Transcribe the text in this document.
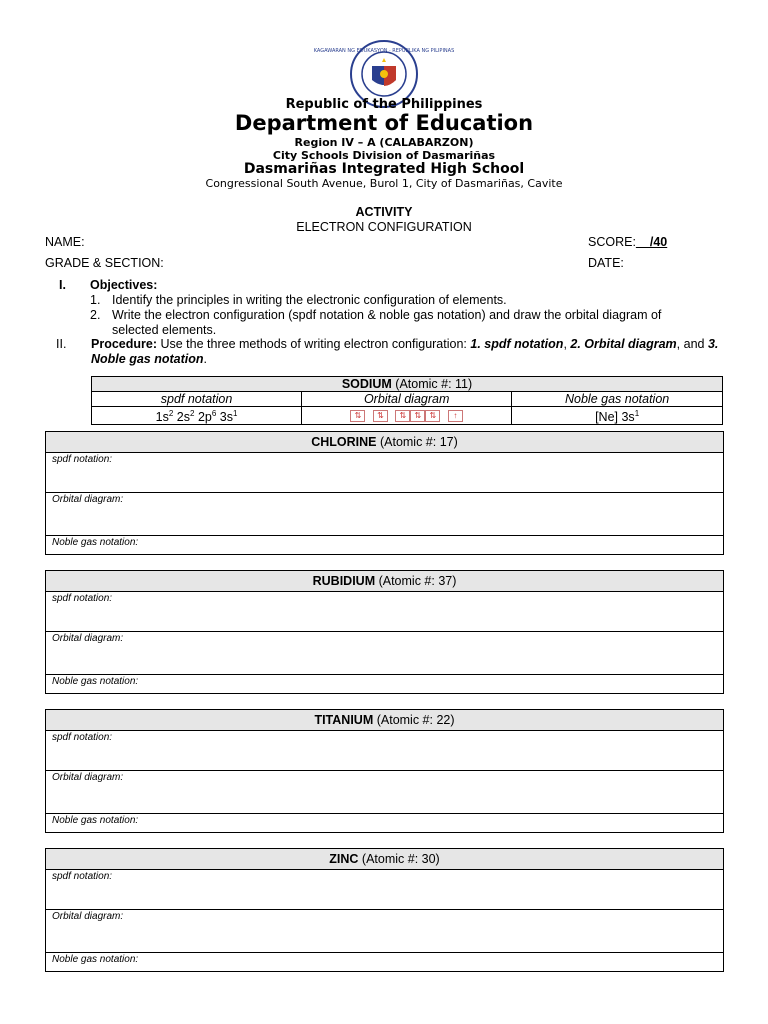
KAGAWARAN NG EDUKASYON · REPUBLIKA NG PILIPINAS
Republic of the Philippines
Department of Education
Region IV – A (CALABARZON)
City Schools Division of Dasmariñas
Dasmariñas Integrated High School
Congressional South Avenue, Burol 1, City of Dasmariñas, Cavite
ACTIVITY
ELECTRON CONFIGURATION
NAME:	SCORE:__/40
GRADE & SECTION:	DATE:
I. Objectives:
1. Identify the principles in writing the electronic configuration of elements.
2. Write the electron configuration (spdf notation & noble gas notation) and draw the orbital diagram of
selected elements.
II. Procedure: Use the three methods of writing electron configuration: 1. spdf notation, 2. Orbital diagram, and 3. Noble gas notation.
SODIUM (Atomic #: 11)		
spdf notation	Orbital diagram	Noble gas notation
$1s^2$ $2s^2$ $2p^6$ $3s^1$	⇅ ⇅ ⇅ ⇅ ⇅ ↑	[Ne] $3s^1$
CHLORINE (Atomic #: 17)
spdf notation:
Orbital diagram:
Noble gas notation:
RUBIDIUM (Atomic #: 37)
spdf notation:
Orbital diagram:
Noble gas notation:
TITANIUM (Atomic #: 22)
spdf notation:
Orbital diagram:
Noble gas notation:
ZINC (Atomic #: 30)
spdf notation:
Orbital diagram:
Noble gas notation:
